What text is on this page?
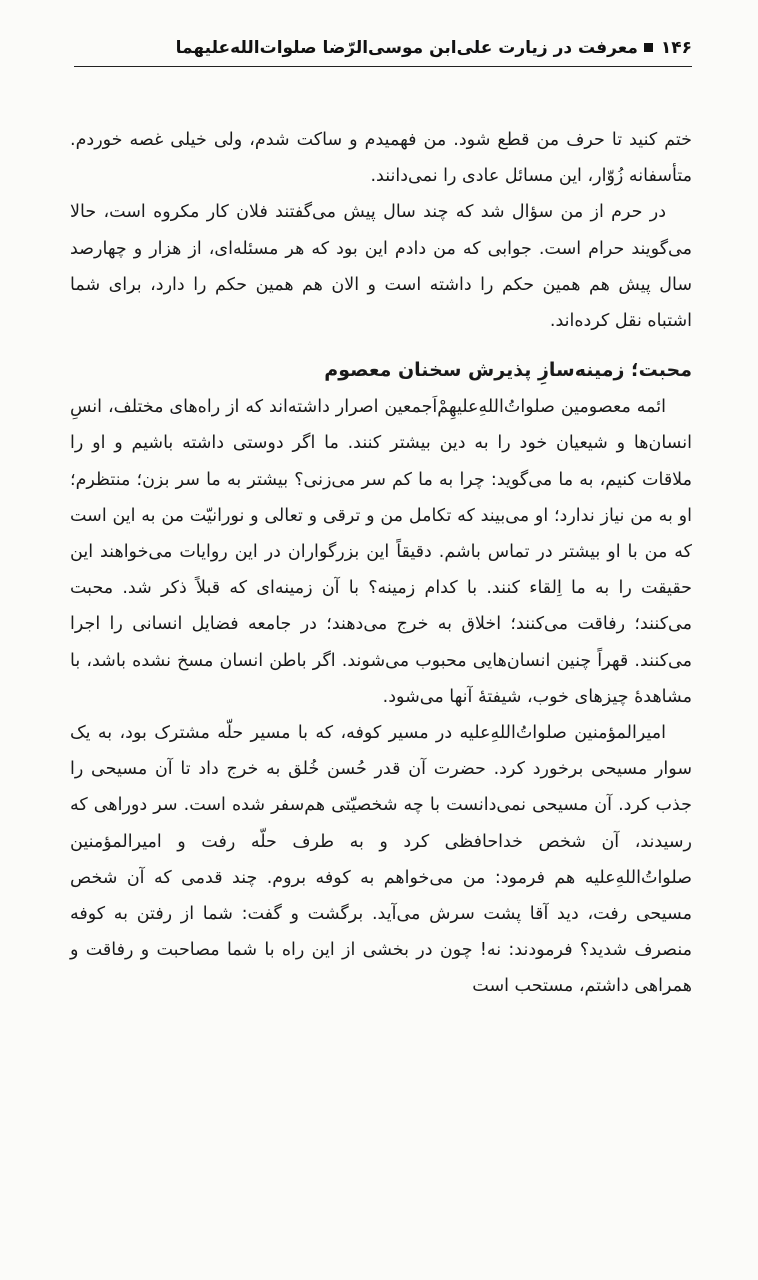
۱۴۶معرفت در زیارت علی‌ابن موسی‌الرّضا صلوات‌الله‌علیهما

ختم کنید تا حرف من قطع شود. من فهمیدم و ساکت شدم، ولی خیلی غصه خوردم. متأسفانه زُوّار، این مسائل عادی را نمی‌دانند.

در حرم از من سؤال شد که چند سال پیش می‌گفتند فلان کار مکروه است، حالا می‌گویند حرام است. جوابی که من دادم این بود که هر مسئله‌ای، از هزار و چهارصد سال پیش هم همین حکم را داشته است و الان هم همین حکم را دارد، برای شما اشتباه نقل کرده‌اند.

محبت؛ زمینه‌سازِ پذیرش سخنان معصوم

ائمه معصومین صلواتُ‌اللهِ‌علیهِمْ‌اَجمعین اصرار داشته‌اند که از راه‌های مختلف، انسِ انسان‌ها و شیعیان خود را به دین بیشتر کنند. ما اگر دوستی داشته باشیم و او را ملاقات کنیم، به ما می‌گوید: چرا به ما کم سر می‌زنی؟ بیشتر به ما سر بزن؛ منتظرم؛ او به من نیاز ندارد؛ او می‌بیند که تکامل من و ترقی و تعالی و نورانیّت من به این است که من با او بیشتر در تماس باشم. دقیقاً این بزرگواران در این روایات می‌خواهند این حقیقت را به ما اِلقاء کنند. با کدام زمینه؟ با آن زمینه‌ای که قبلاً ذکر شد. محبت می‌کنند؛ رفاقت می‌کنند؛ اخلاق به خرج می‌دهند؛ در جامعه فضایل انسانی را اجرا می‌کنند. قهراً چنین انسان‌هایی محبوب می‌شوند. اگر باطن انسان مسخ نشده باشد، با مشاهدهٔ چیزهای خوب، شیفتهٔ آنها می‌شود.

امیرالمؤمنین صلواتُ‌اللهِ‌علیه در مسیر کوفه، که با مسیر حلّه مشترک بود، به یک سوار مسیحی برخورد کرد. حضرت آن قدر حُسن خُلق به خرج داد تا آن مسیحی را جذب کرد. آن مسیحی نمی‌دانست با چه شخصیّتی هم‌سفر شده است. سر دوراهی که رسیدند، آن شخص خداحافظی کرد و به طرف حلّه رفت و امیرالمؤمنین صلواتُ‌اللهِ‌علیه هم فرمود: من می‌خواهم به کوفه بروم. چند قدمی که آن شخص مسیحی رفت، دید آقا پشت سرش می‌آید. برگشت و گفت: شما از رفتن به کوفه منصرف شدید؟ فرمودند: نه! چون در بخشی از این راه با شما مصاحبت و رفاقت و همراهی داشتم، مستحب است
